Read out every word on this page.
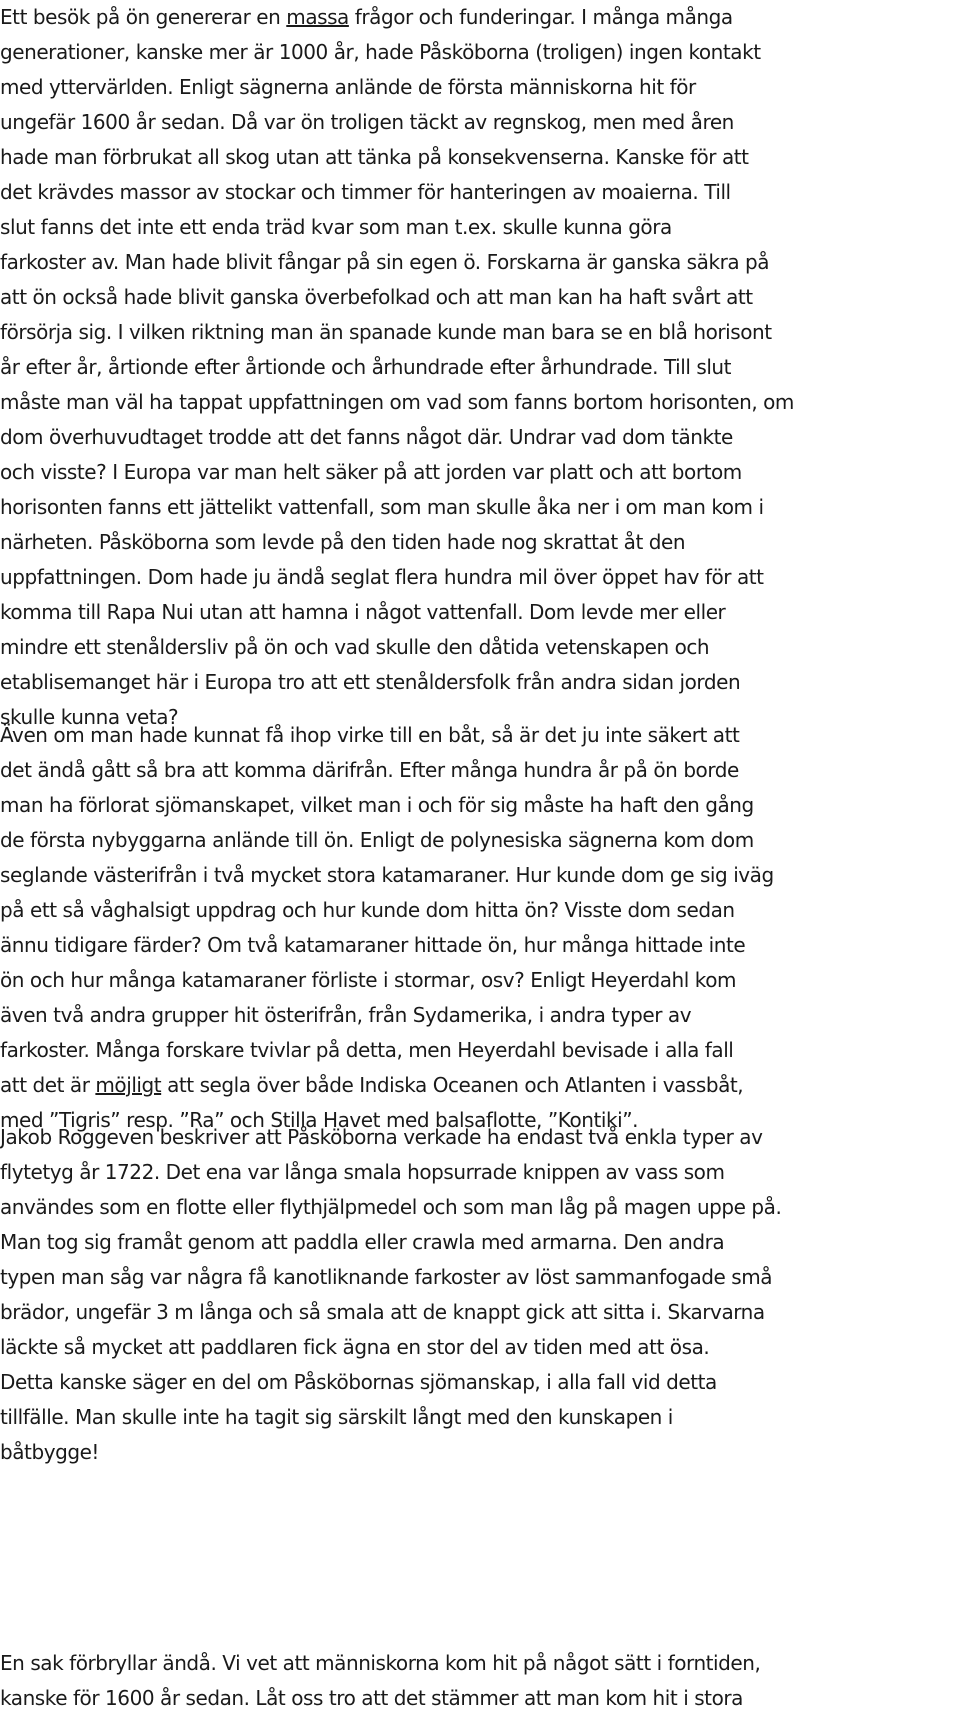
Ett besök på ön genererar en massa frågor och funderingar. I många många
generationer, kanske mer är 1000 år, hade Påsköborna (troligen) ingen kontakt
med yttervärlden. Enligt sägnerna anlände de första människorna hit för
ungefär 1600 år sedan. Då var ön troligen täckt av regnskog, men med åren
hade man förbrukat all skog utan att tänka på konsekvenserna. Kanske för att
det krävdes massor av stockar och timmer för hanteringen av moaierna. Till
slut fanns det inte ett enda träd kvar som man t.ex. skulle kunna göra
farkoster av. Man hade blivit fångar på sin egen ö. Forskarna är ganska säkra på
att ön också hade blivit ganska överbefolkad och att man kan ha haft svårt att
försörja sig. I vilken riktning man än spanade kunde man bara se en blå horisont
år efter år, årtionde efter årtionde och århundrade efter århundrade. Till slut
måste man väl ha tappat uppfattningen om vad som fanns bortom horisonten, om
dom överhuvudtaget trodde att det fanns något där. Undrar vad dom tänkte
och visste? I Europa var man helt säker på att jorden var platt och att bortom
horisonten fanns ett jättelikt vattenfall, som man skulle åka ner i om man kom i
närheten. Påsköborna som levde på den tiden hade nog skrattat åt den
uppfattningen. Dom hade ju ändå seglat flera hundra mil över öppet hav för att
komma till Rapa Nui utan att hamna i något vattenfall. Dom levde mer eller
mindre ett stenåldersliv på ön och vad skulle den dåtida vetenskapen och
etablisemanget här i Europa tro att ett stenåldersfolk från andra sidan jorden
skulle kunna veta?
Även om man hade kunnat få ihop virke till en båt, så är det ju inte säkert att
det ändå gått så bra att komma därifrån. Efter många hundra år på ön borde
man ha förlorat sjömanskapet, vilket man i och för sig måste ha haft den gång
de första nybyggarna anlände till ön. Enligt de polynesiska sägnerna kom dom
seglande västerifrån i två mycket stora katamaraner. Hur kunde dom ge sig iväg
på ett så våghalsigt uppdrag och hur kunde dom hitta ön? Visste dom sedan
ännu tidigare färder? Om två katamaraner hittade ön, hur många hittade inte
ön och hur många katamaraner förliste i stormar, osv? Enligt Heyerdahl kom
även två andra grupper hit österifrån, från Sydamerika, i andra typer av
farkoster. Många forskare tvivlar på detta, men Heyerdahl bevisade i alla fall
att det är möjligt att segla över både Indiska Oceanen och Atlanten i vassbåt,
med ”Tigris” resp. ”Ra” och Stilla Havet med balsaflotte, ”Kontiki”.
Jakob Roggeven beskriver att Påsköborna verkade ha endast två enkla typer av
flytetyg år 1722. Det ena var långa smala hopsurrade knippen av vass som
användes som en flotte eller flythjälpmedel och som man låg på magen uppe på.
Man tog sig framåt genom att paddla eller crawla med armarna. Den andra
typen man såg var några få kanotliknande farkoster av löst sammanfogade små
brädor, ungefär 3 m långa och så smala att de knappt gick att sitta i. Skarvarna
läckte så mycket att paddlaren fick ägna en stor del av tiden med att ösa.
Detta kanske säger en del om Påsköbornas sjömanskap, i alla fall vid detta
tillfälle. Man skulle inte ha tagit sig särskilt långt med den kunskapen i
båtbygge!
En sak förbryllar ändå. Vi vet att människorna kom hit på något sätt i forntiden,
kanske för 1600 år sedan. Låt oss tro att det stämmer att man kom hit i stora
